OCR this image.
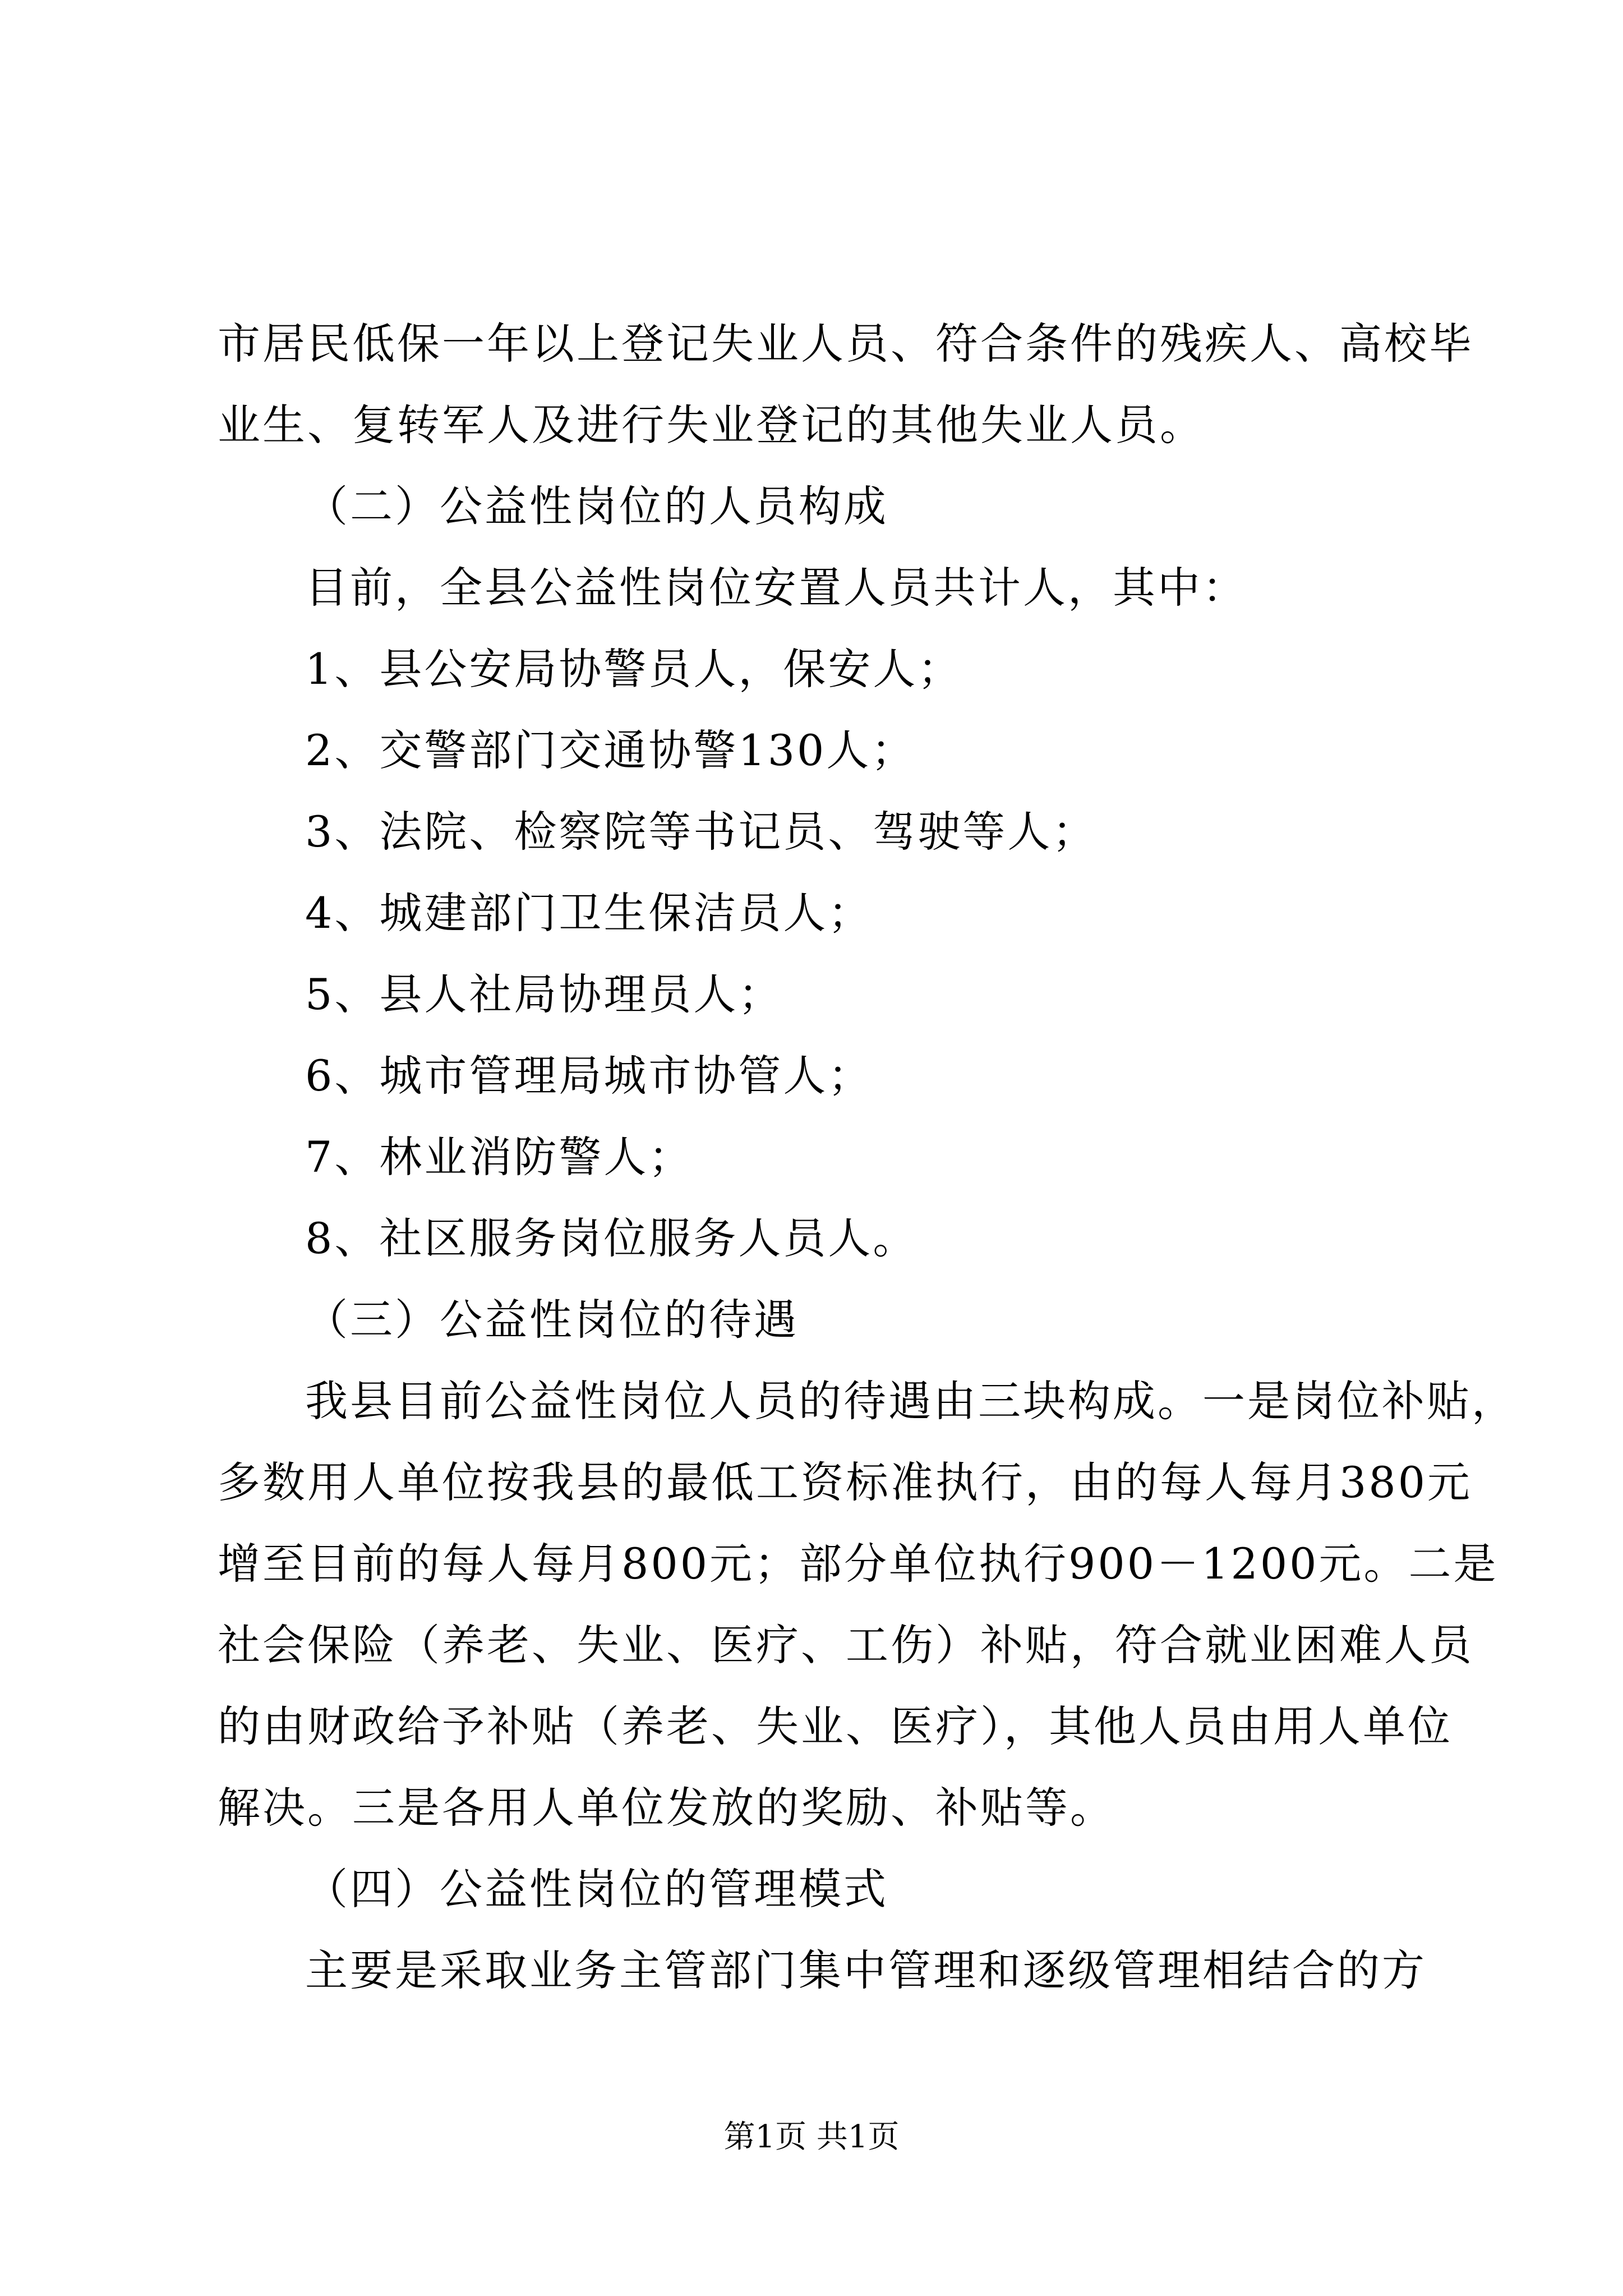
市居民低保一年以上登记失业人员、符合条件的残疾人、高校毕
业生、复转军人及进行失业登记的其他失业人员。
（二）公益性岗位的人员构成
目前，全县公益性岗位安置人员共计人，其中：
1、县公安局协警员人，保安人；
2、交警部门交通协警130人；
3、法院、检察院等书记员、驾驶等人；
4、城建部门卫生保洁员人；
5、县人社局协理员人；
6、城市管理局城市协管人；
7、林业消防警人；
8、社区服务岗位服务人员人。
（三）公益性岗位的待遇
我县目前公益性岗位人员的待遇由三块构成。一是岗位补贴，
多数用人单位按我县的最低工资标准执行，由的每人每月380元
增至目前的每人每月800元；部分单位执行900－1200元。二是
社会保险（养老、失业、医疗、工伤）补贴，符合就业困难人员
的由财政给予补贴（养老、失业、医疗），其他人员由用人单位
解决。三是各用人单位发放的奖励、补贴等。
（四）公益性岗位的管理模式
主要是采取业务主管部门集中管理和逐级管理相结合的方
第1页 共1页
